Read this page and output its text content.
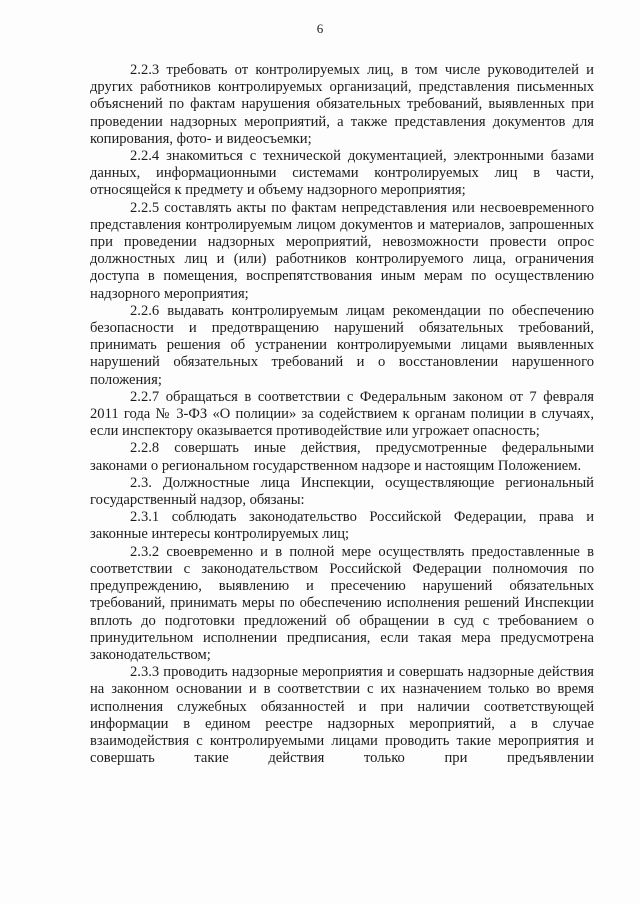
6

2.2.3 требовать от контролируемых лиц, в том числе руководителей и других работников контролируемых организаций, представления письменных объяснений по фактам нарушения обязательных требований, выявленных при проведении надзорных мероприятий, а также представления документов для копирования, фото- и видеосъемки;

2.2.4 знакомиться с технической документацией, электронными базами данных, информационными системами контролируемых лиц в части, относящейся к предмету и объему надзорного мероприятия;

2.2.5 составлять акты по фактам непредставления или несвоевременного представления контролируемым лицом документов и материалов, запрошенных при проведении надзорных мероприятий, невозможности провести опрос должностных лиц и (или) работников контролируемого лица, ограничения доступа в помещения, воспрепятствования иным мерам по осуществлению надзорного мероприятия;

2.2.6 выдавать контролируемым лицам рекомендации по обеспечению безопасности и предотвращению нарушений обязательных требований, принимать решения об устранении контролируемыми лицами выявленных нарушений обязательных требований и о восстановлении нарушенного положения;

2.2.7 обращаться в соответствии с Федеральным законом от 7 февраля 2011 года № 3-ФЗ «О полиции» за содействием к органам полиции в случаях, если инспектору оказывается противодействие или угрожает опасность;

2.2.8 совершать иные действия, предусмотренные федеральными законами о региональном государственном надзоре и настоящим Положением.

2.3. Должностные лица Инспекции, осуществляющие региональный государственный надзор, обязаны:

2.3.1 соблюдать законодательство Российской Федерации, права и законные интересы контролируемых лиц;

2.3.2 своевременно и в полной мере осуществлять предоставленные в соответствии с законодательством Российской Федерации полномочия по предупреждению, выявлению и пресечению нарушений обязательных требований, принимать меры по обеспечению исполнения решений Инспекции вплоть до подготовки предложений об обращении в суд с требованием о принудительном исполнении предписания, если такая мера предусмотрена законодательством;

2.3.3 проводить надзорные мероприятия и совершать надзорные действия на законном основании и в соответствии с их назначением только во время исполнения служебных обязанностей и при наличии соответствующей информации в едином реестре надзорных мероприятий, а в случае взаимодействия с контролируемыми лицами проводить такие мероприятия и совершать такие действия только при предъявлении
